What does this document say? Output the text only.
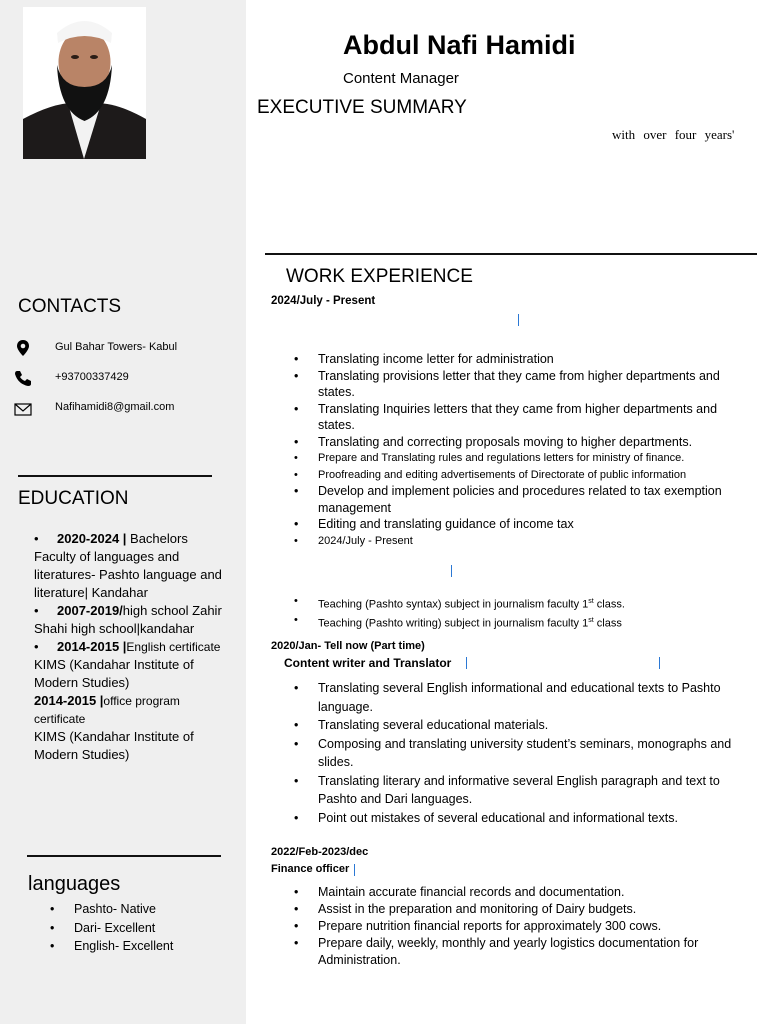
CONTACTS
Gul Bahar Towers- Kabul
+93700337429
Nafihamidi8@gmail.com
EDUCATION
• 2020-2024 | Bachelors Faculty of languages and literatures- Pashto language and literature| Kandahar
• 2007-2019/high school Zahir Shahi high school|kandahar
• 2014-2015 |English certificate
KIMS (Kandahar Institute of Modern Studies)
2014-2015 |office program certificate
KIMS (Kandahar Institute of Modern Studies)
languages
• Pashto- Native
• Dari- Excellent
• English- Excellent
Abdul Nafi Hamidi
Content Manager
EXECUTIVE SUMMARY
with over four years'
WORK EXPERIENCE
2024/July - Present
• Translating income letter for administration
• Translating provisions letter that they came from higher departments and states.
• Translating Inquiries letters that they came from higher departments and states.
• Translating and correcting proposals moving to higher departments.
• Prepare and Translating rules and regulations letters for ministry of finance.
• Proofreading and editing advertisements of Directorate of public information
• Develop and implement policies and procedures related to tax exemption management
• Editing and translating guidance of income tax
• 2024/July - Present
• Teaching (Pashto syntax) subject in journalism faculty 1st class.
• Teaching (Pashto writing) subject in journalism faculty 1st class
2020/Jan- Tell now (Part time)
Content writer and Translator
• Translating several English informational and educational texts to Pashto language.
• Translating several educational materials.
• Composing and translating university student’s seminars, monographs and slides.
• Translating literary and informative several English paragraph and text to Pashto and Dari languages.
• Point out mistakes of several educational and informational texts.
2022/Feb-2023/dec
Finance officer
• Maintain accurate financial records and documentation.
• Assist in the preparation and monitoring of Dairy budgets.
• Prepare nutrition financial reports for approximately 300 cows.
• Prepare daily, weekly, monthly and yearly logistics documentation for Administration.
